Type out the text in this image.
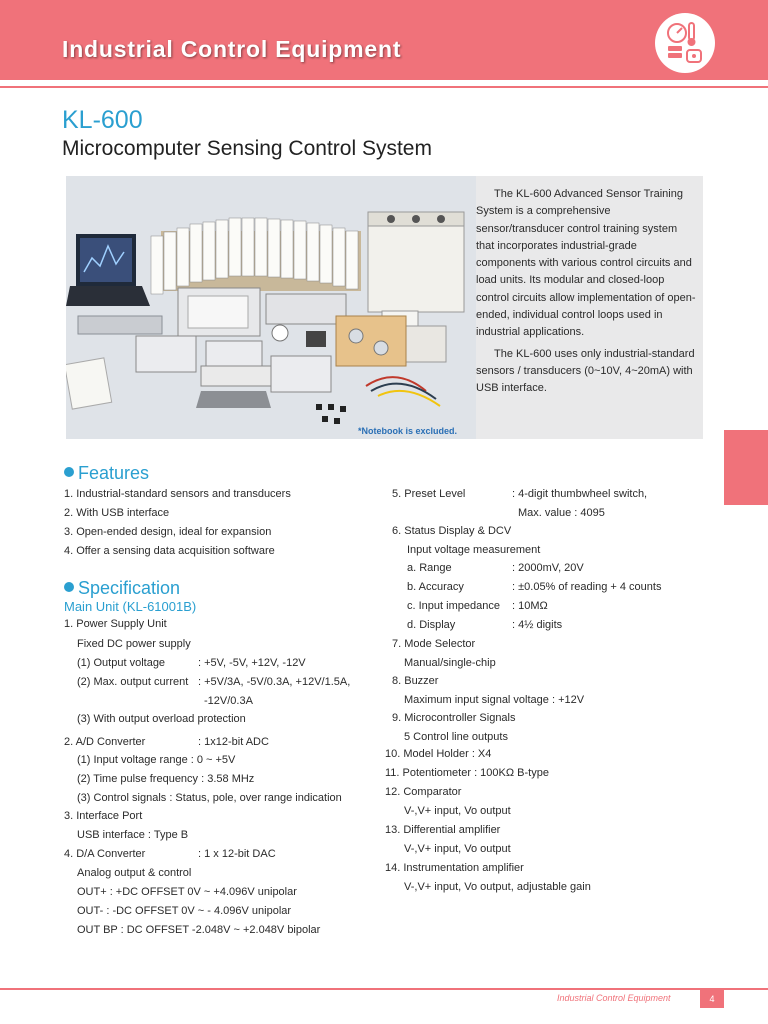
Industrial Control Equipment
KL-600
Microcomputer Sensing Control System
*Notebook is excluded.

The KL-600 Advanced Sensor Training System is a comprehensive sensor/transducer control training system that incorporates industrial-grade components with various control circuits and load units. Its modular and closed-loop control circuits allow implementation of open-ended, individual control loops used in industrial applications.

The KL-600 uses only industrial-standard sensors / transducers (0~10V, 4~20mA) with USB interface.

Features
1. Industrial-standard sensors and transducers
2. With USB interface
3. Open-ended design, ideal for expansion
4. Offer a sensing data acquisition software
Specification
Main Unit (KL-61001B)
1. Power Supply Unit
Fixed DC power supply
(1) Output voltage	: +5V, -5V, +12V, -12V
(2) Max. output current : +5V/3A, -5V/0.3A, +12V/1.5A,
-12V/0.3A
(3) With output overload protection
2. A/D Converter	: 1x12-bit ADC
(1) Input voltage range : 0 ~ +5V
(2) Time pulse frequency : 3.58 MHz
(3) Control signals : Status, pole, over range indication
3. Interface Port
USB interface : Type B
4. D/A Converter	: 1 x 12-bit DAC
Analog output & control
OUT+ : +DC OFFSET 0V ~ +4.096V unipolar
OUT- : -DC OFFSET 0V ~ - 4.096V unipolar
OUT BP : DC OFFSET -2.048V ~ +2.048V bipolar
5. Preset Level	: 4-digit thumbwheel switch,
Max. value : 4095
6. Status Display & DCV
Input voltage measurement
a. Range	: 2000mV, 20V
b. Accuracy	: ±0.05% of reading + 4 counts
c. Input impedance : 10MΩ
d. Display	: 4½ digits
7. Mode Selector
Manual/single-chip
8. Buzzer
Maximum input signal voltage : +12V
9. Microcontroller Signals
5 Control line outputs
10. Model Holder : X4
11. Potentiometer : 100KΩ B-type
12. Comparator
V-,V+ input, Vo output
13. Differential amplifier
V-,V+ input, Vo output
14. Instrumentation amplifier
V-,V+ input, Vo output, adjustable gain
Industrial Control Equipment	4
